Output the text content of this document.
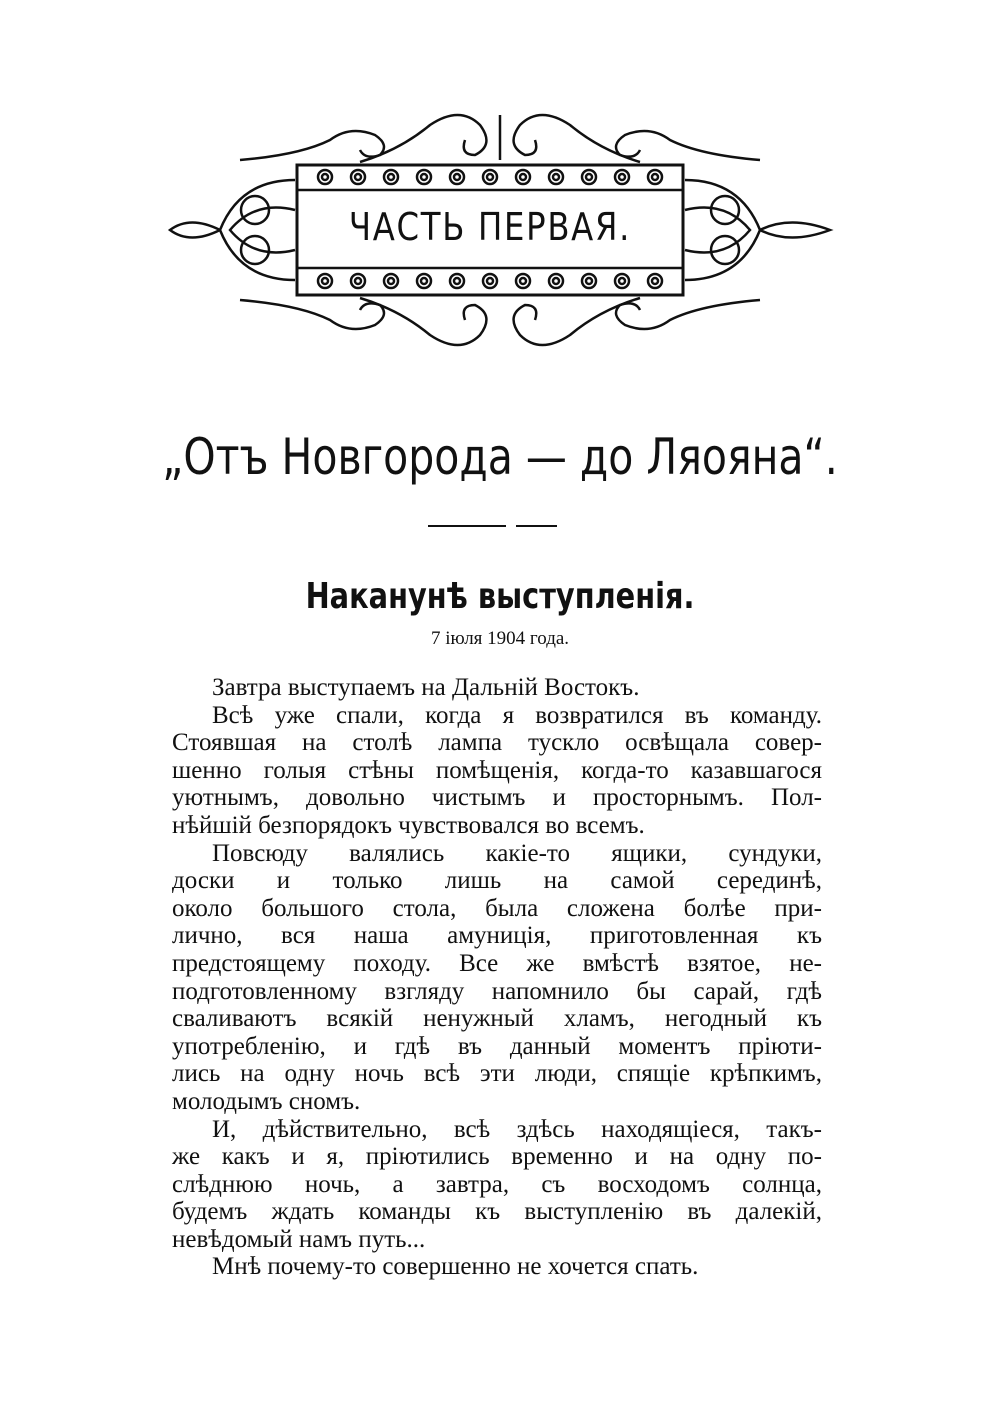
ЧАСТЬ ПЕРВАЯ.
„Отъ Новгорода — до Ляояна“.
Наканунѣ выступленія.
7 іюля 1904 года.
Завтра выступаемъ на Дальній Востокъ.
Всѣ уже спали, когда я возвратился въ команду.
Стоявшая на столѣ лампа тускло освѣщала совер-
шенно голыя стѣны помѣщенія, когда-то казавшагося
уютнымъ, довольно чистымъ и просторнымъ. Пол-
нѣйшій безпорядокъ чувствовался во всемъ.
Повсюду валялись какіе-то ящики, сундуки,
доски и только лишь на самой серединѣ,
около большого стола, была сложена болѣе при-
лично, вся наша амуниція, приготовленная къ
предстоящему походу. Все же вмѣстѣ взятое, не-
подготовленному взгляду напомнило бы сарай, гдѣ
сваливаютъ всякій ненужный хламъ, негодный къ
употребленію, и гдѣ въ данный моментъ пріюти-
лись на одну ночь всѣ эти люди, спящіе крѣпкимъ,
молодымъ сномъ.
И, дѣйствительно, всѣ здѣсь находящіеся, такъ-
же какъ и я, пріютились временно и на одну по-
слѣднюю ночь, а завтра, съ восходомъ солнца,
будемъ ждать команды къ выступленію въ далекій,
невѣдомый намъ путь...
Мнѣ почему-то совершенно не хочется спать.
